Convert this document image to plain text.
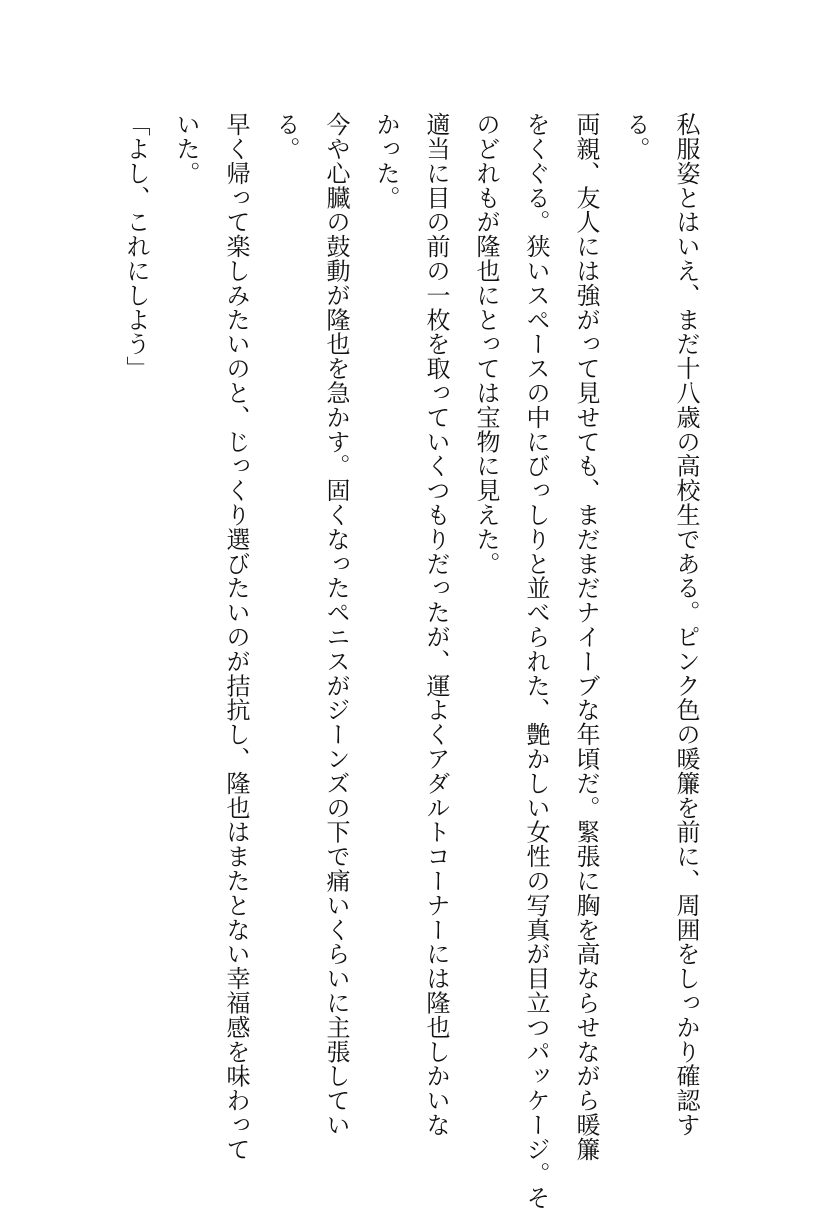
私服姿とはいえ、まだ十八歳の高校生である。ピンク色の暖簾を前に、周囲をしっかり確認す
る。
両親、友人には強がって見せても、まだまだナイーブな年頃だ。緊張に胸を高ならせながら暖簾
をくぐる。狭いスペースの中にびっしりと並べられた、艶かしい女性の写真が目立つパッケージ。そ
のどれもが隆也にとっては宝物に見えた。
適当に目の前の一枚を取っていくつもりだったが、運よくアダルトコーナーには隆也しかいな
かった。
今や心臓の鼓動が隆也を急かす。固くなったペニスがジーンズの下で痛いくらいに主張してい
る。
早く帰って楽しみたいのと、じっくり選びたいのが拮抗し、隆也はまたとない幸福感を味わって
いた。
「よし、これにしよう」
